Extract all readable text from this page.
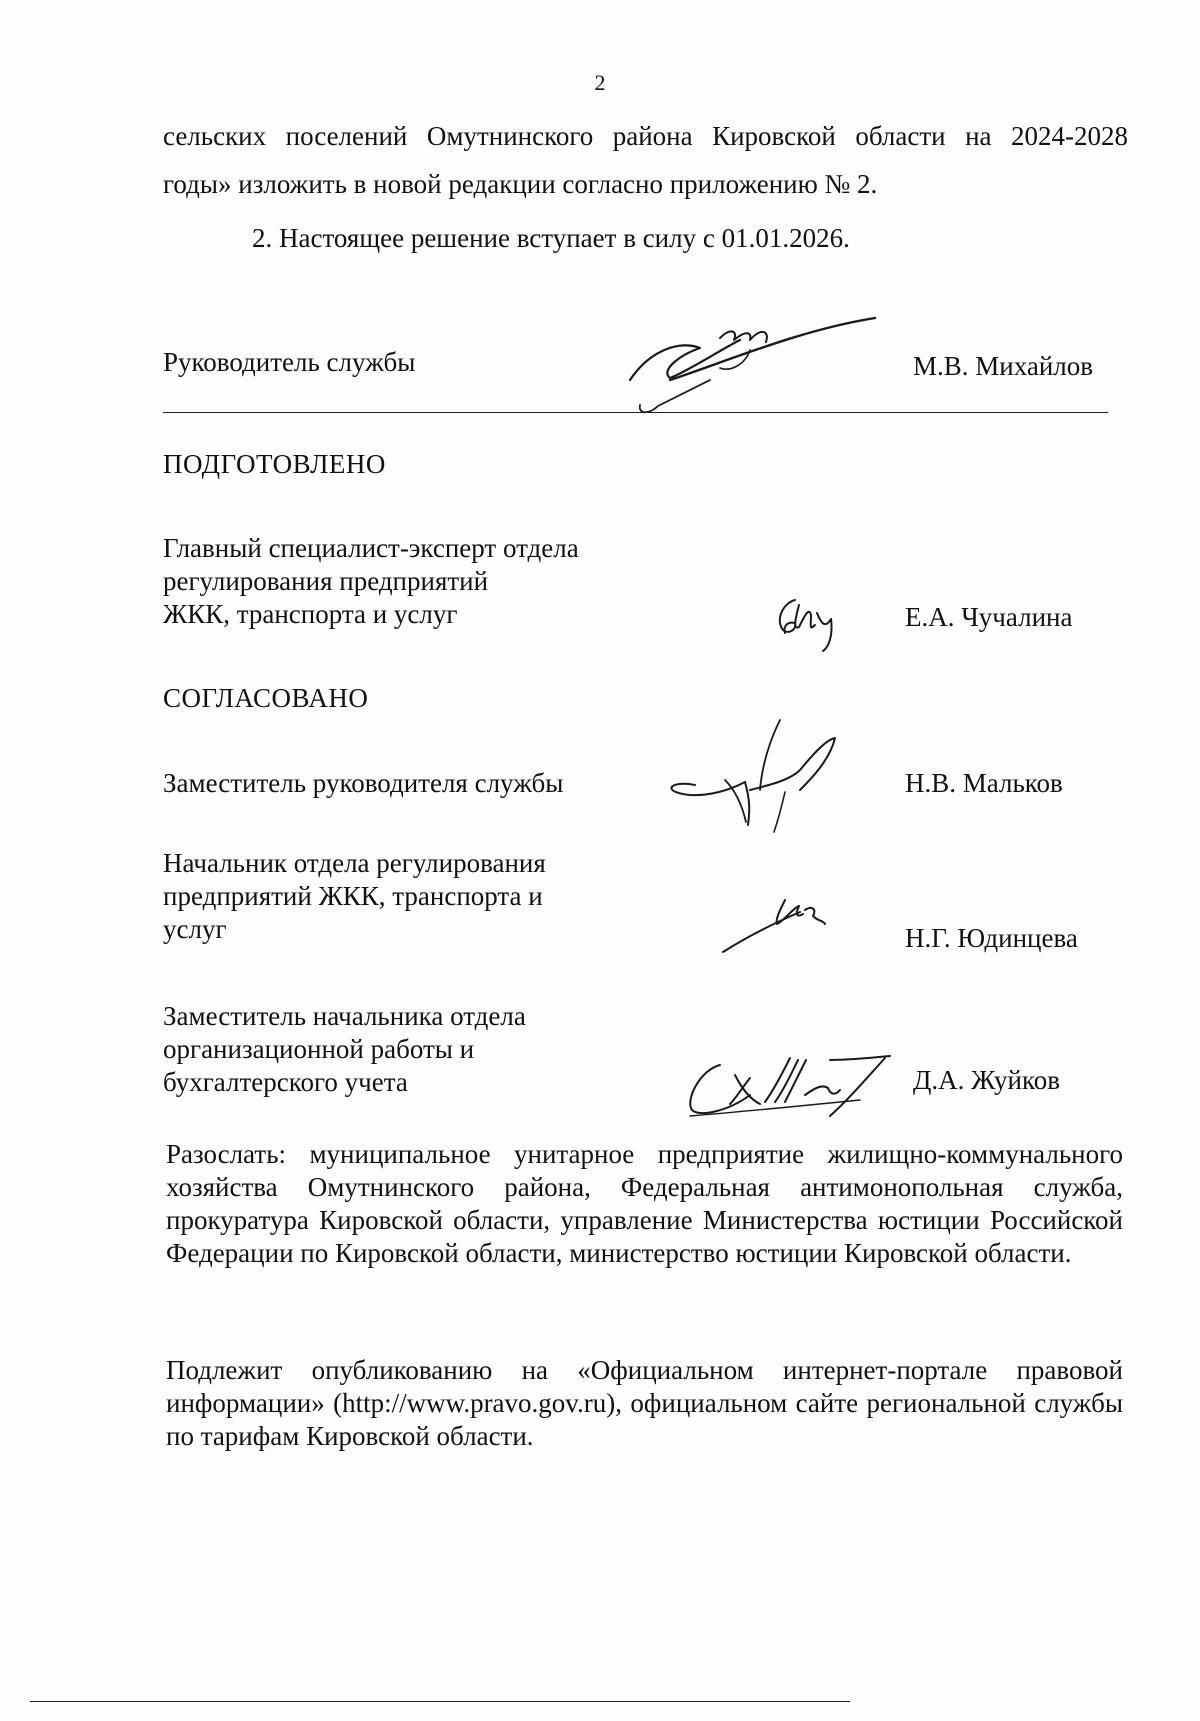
2
сельских поселений Омутнинского района Кировской области на 2024-2028
годы» изложить в новой редакции согласно приложению № 2.
2. Настоящее решение вступает в силу с 01.01.2026.
Руководитель службы	М.В. Михайлов
ПОДГОТОВЛЕНО
Главный специалист-эксперт отдела
регулирования предприятий
ЖКК, транспорта и услуг	Е.А. Чучалина
СОГЛАСОВАНО
Заместитель руководителя службы	Н.В. Мальков
Начальник отдела регулирования
предприятий ЖКК, транспорта и
услуг	Н.Г. Юдинцева
Заместитель начальника отдела
организационной работы и
бухгалтерского учета	Д.А. Жуйков
Разослать: муниципальное унитарное предприятие жилищно-коммунального хозяйства Омутнинского района, Федеральная антимонопольная служба, прокуратура Кировской области, управление Министерства юстиции Российской Федерации по Кировской области, министерство юстиции Кировской области.
Подлежит опубликованию на «Официальном интернет-портале правовой информации» (http://www.pravo.gov.ru), официальном сайте региональной службы по тарифам Кировской области.
